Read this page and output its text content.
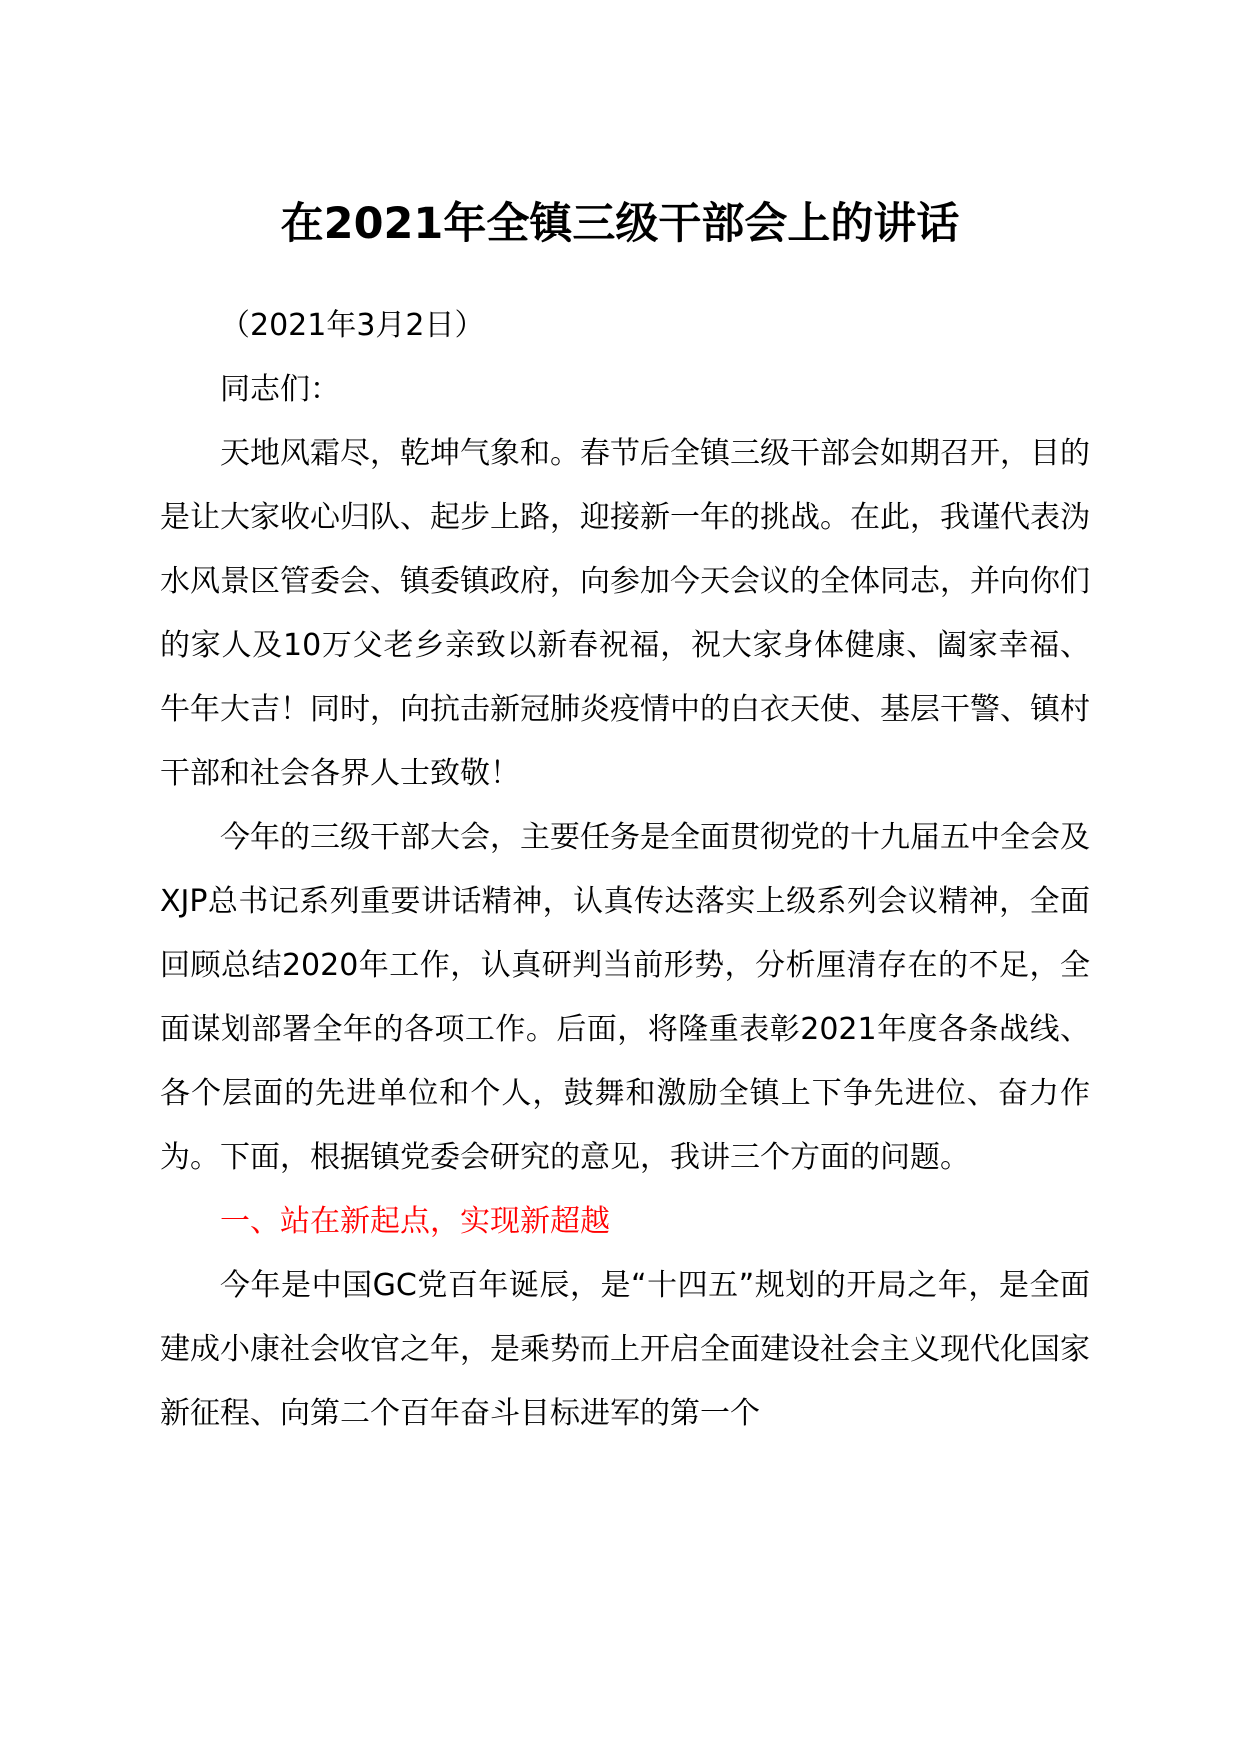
在2021年全镇三级干部会上的讲话

（2021年3月2日）

同志们：

天地风霜尽，乾坤气象和。春节后全镇三级干部会如期召开，目的是让大家收心归队、起步上路，迎接新一年的挑战。在此，我谨代表沩水风景区管委会、镇委镇政府，向参加今天会议的全体同志，并向你们的家人及10万父老乡亲致以新春祝福，祝大家身体健康、阖家幸福、牛年大吉！同时，向抗击新冠肺炎疫情中的白衣天使、基层干警、镇村干部和社会各界人士致敬！

今年的三级干部大会，主要任务是全面贯彻党的十九届五中全会及XJP总书记系列重要讲话精神，认真传达落实上级系列会议精神，全面回顾总结2020年工作，认真研判当前形势，分析厘清存在的不足，全面谋划部署全年的各项工作。后面，将隆重表彰2021年度各条战线、各个层面的先进单位和个人，鼓舞和激励全镇上下争先进位、奋力作为。下面，根据镇党委会研究的意见，我讲三个方面的问题。

一、站在新起点，实现新超越

今年是中国GC党百年诞辰，是“十四五”规划的开局之年，是全面建成小康社会收官之年，是乘势而上开启全面建设社会主义现代化国家新征程、向第二个百年奋斗目标进军的第一个
